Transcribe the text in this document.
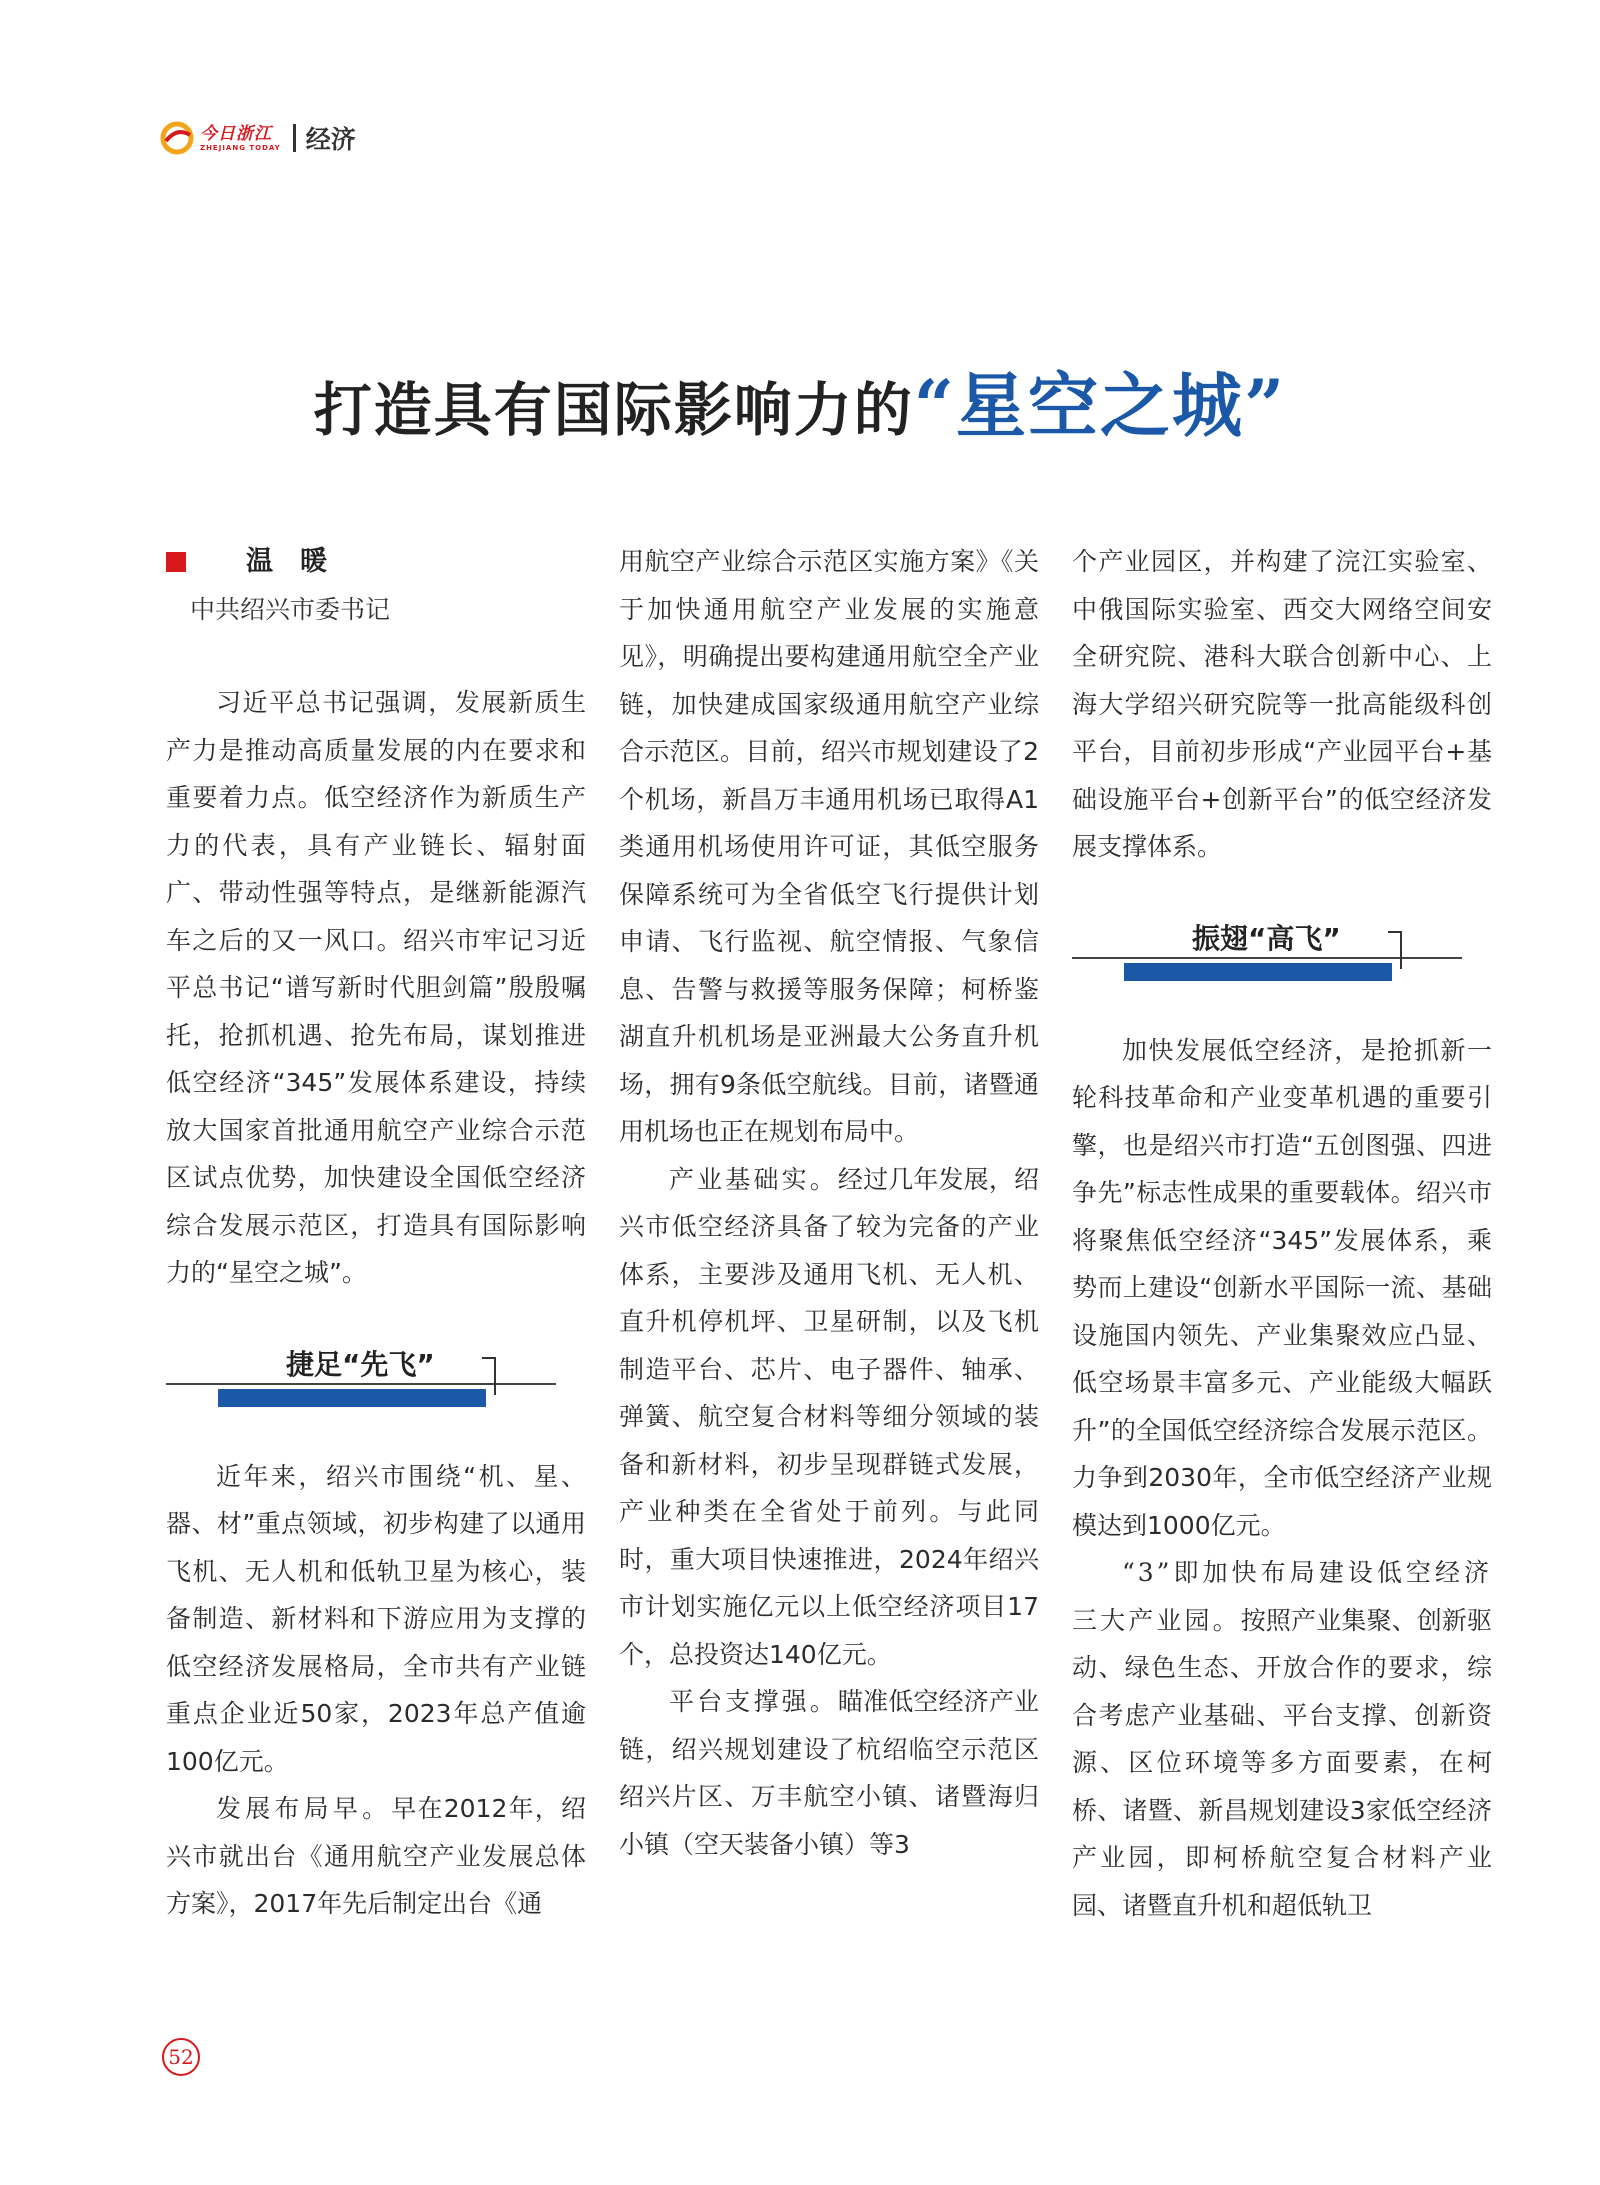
今日浙江
ZHEJIANG TODAY 经济
打造具有国际影响力的“星空之城”

温　暖

中共绍兴市委书记

习近平总书记强调，发展新质生产力是推动高质量发展的内在要求和重要着力点。低空经济作为新质生产力的代表，具有产业链长、辐射面广、带动性强等特点，是继新能源汽车之后的又一风口。绍兴市牢记习近平总书记“谱写新时代胆剑篇”殷殷嘱托，抢抓机遇、抢先布局，谋划推进低空经济“345”发展体系建设，持续放大国家首批通用航空产业综合示范区试点优势，加快建设全国低空经济综合发展示范区，打造具有国际影响力的“星空之城”。

捷足“先飞”

近年来，绍兴市围绕“机、星、器、材”重点领域，初步构建了以通用飞机、无人机和低轨卫星为核心，装备制造、新材料和下游应用为支撑的低空经济发展格局，全市共有产业链重点企业近50家，2023年总产值逾100亿元。

发展布局早。早在2012年，绍兴市就出台《通用航空产业发展总体方案》，2017年先后制定出台《通

用航空产业综合示范区实施方案》《关于加快通用航空产业发展的实施意见》，明确提出要构建通用航空全产业链，加快建成国家级通用航空产业综合示范区。目前，绍兴市规划建设了2个机场，新昌万丰通用机场已取得A1类通用机场使用许可证，其低空服务保障系统可为全省低空飞行提供计划申请、飞行监视、航空情报、气象信息、告警与救援等服务保障；柯桥鉴湖直升机机场是亚洲最大公务直升机场，拥有9条低空航线。目前，诸暨通用机场也正在规划布局中。

产业基础实。经过几年发展，绍兴市低空经济具备了较为完备的产业体系，主要涉及通用飞机、无人机、直升机停机坪、卫星研制，以及飞机制造平台、芯片、电子器件、轴承、弹簧、航空复合材料等细分领域的装备和新材料，初步呈现群链式发展，产业种类在全省处于前列。与此同时，重大项目快速推进，2024年绍兴市计划实施亿元以上低空经济项目17个，总投资达140亿元。

平台支撑强。瞄准低空经济产业链，绍兴规划建设了杭绍临空示范区绍兴片区、万丰航空小镇、诸暨海归小镇（空天装备小镇）等3

个产业园区，并构建了浣江实验室、中俄国际实验室、西交大网络空间安全研究院、港科大联合创新中心、上海大学绍兴研究院等一批高能级科创平台，目前初步形成“产业园平台+基础设施平台+创新平台”的低空经济发展支撑体系。

振翅“高飞”

加快发展低空经济，是抢抓新一轮科技革命和产业变革机遇的重要引擎，也是绍兴市打造“五创图强、四进争先”标志性成果的重要载体。绍兴市将聚焦低空经济“345”发展体系，乘势而上建设“创新水平国际一流、基础设施国内领先、产业集聚效应凸显、低空场景丰富多元、产业能级大幅跃升”的全国低空经济综合发展示范区。力争到2030年，全市低空经济产业规模达到1000亿元。

“3”即加快布局建设低空经济三大产业园。按照产业集聚、创新驱动、绿色生态、开放合作的要求，综合考虑产业基础、平台支撑、创新资源、区位环境等多方面要素，在柯桥、诸暨、新昌规划建设3家低空经济产业园，即柯桥航空复合材料产业园、诸暨直升机和超低轨卫

52
